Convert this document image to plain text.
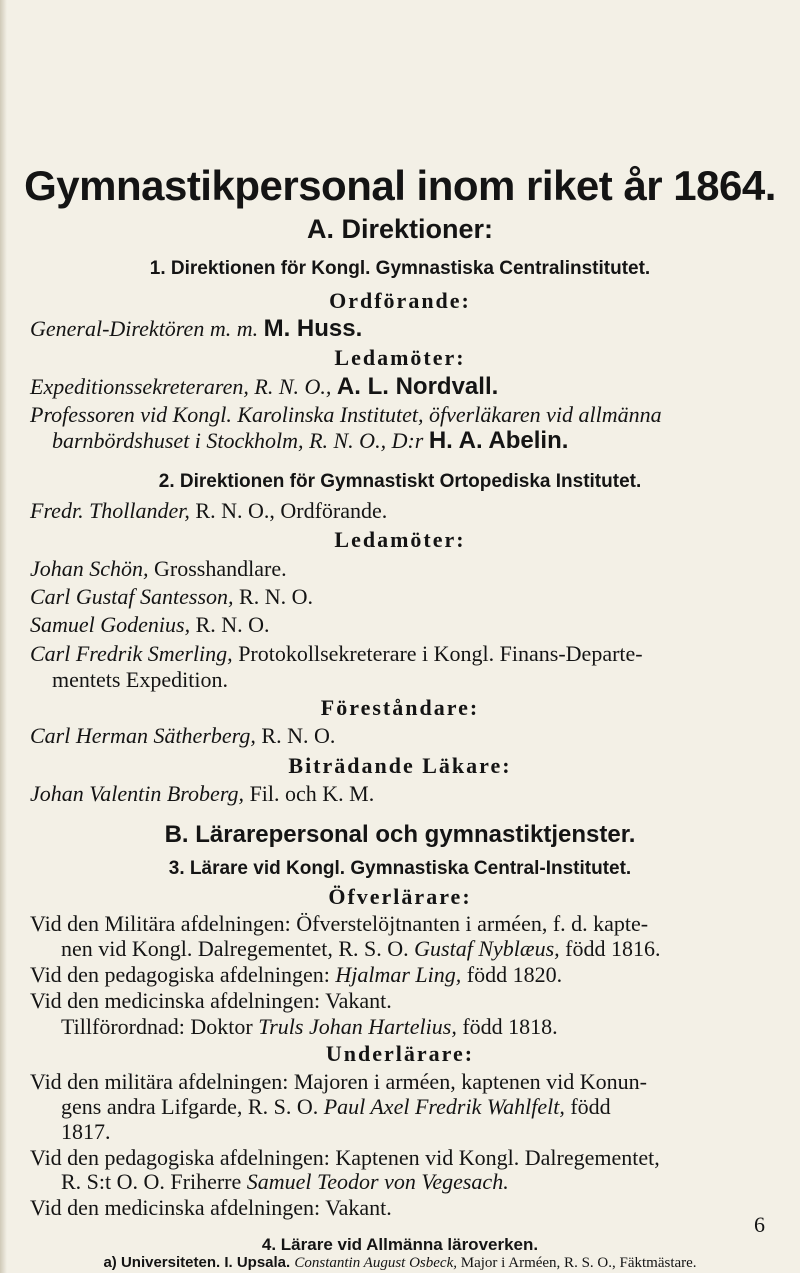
Gymnastikpersonal inom riket år 1864.
A. Direktioner:
1. Direktionen för Kongl. Gymnastiska Centralinstitutet.
Ordförande:
General-Direktören m. m. M. Huss.
Ledamöter:
Expeditionssekreteraren, R. N. O., A. L. Nordvall.
Professoren vid Kongl. Karolinska Institutet, öfverläkaren vid allmänna
barnbördshuset i Stockholm, R. N. O., D:r H. A. Abelin.
2. Direktionen för Gymnastiskt Ortopediska Institutet.
Fredr. Thollander, R. N. O., Ordförande.
Ledamöter:
Johan Schön, Grosshandlare.
Carl Gustaf Santesson, R. N. O.
Samuel Godenius, R. N. O.
Carl Fredrik Smerling, Protokollsekreterare i Kongl. Finans-Departe-
mentets Expedition.
Föreståndare:
Carl Herman Sätherberg, R. N. O.
Biträdande Läkare:
Johan Valentin Broberg, Fil. och K. M.
B. Lärarepersonal och gymnastiktjenster.
3. Lärare vid Kongl. Gymnastiska Central-Institutet.
Öfverlärare:
Vid den Militära afdelningen: Öfverstelöjtnanten i arméen, f. d. kapte-
nen vid Kongl. Dalregementet, R. S. O. Gustaf Nyblæus, född 1816.
Vid den pedagogiska afdelningen: Hjalmar Ling, född 1820.
Vid den medicinska afdelningen: Vakant.
Tillförordnad: Doktor Truls Johan Hartelius, född 1818.
Underlärare:
Vid den militära afdelningen: Majoren i arméen, kaptenen vid Konun-
gens andra Lifgarde, R. S. O. Paul Axel Fredrik Wahlfelt, född
1817.
Vid den pedagogiska afdelningen: Kaptenen vid Kongl. Dalregementet,
R. S:t O. O. Friherre Samuel Teodor von Vegesach.
Vid den medicinska afdelningen: Vakant.
6
4. Lärare vid Allmänna läroverken.
a) Universiteten. I. Upsala. Constantin August Osbeck, Major i Arméen, R. S. O., Fäktmästare.
